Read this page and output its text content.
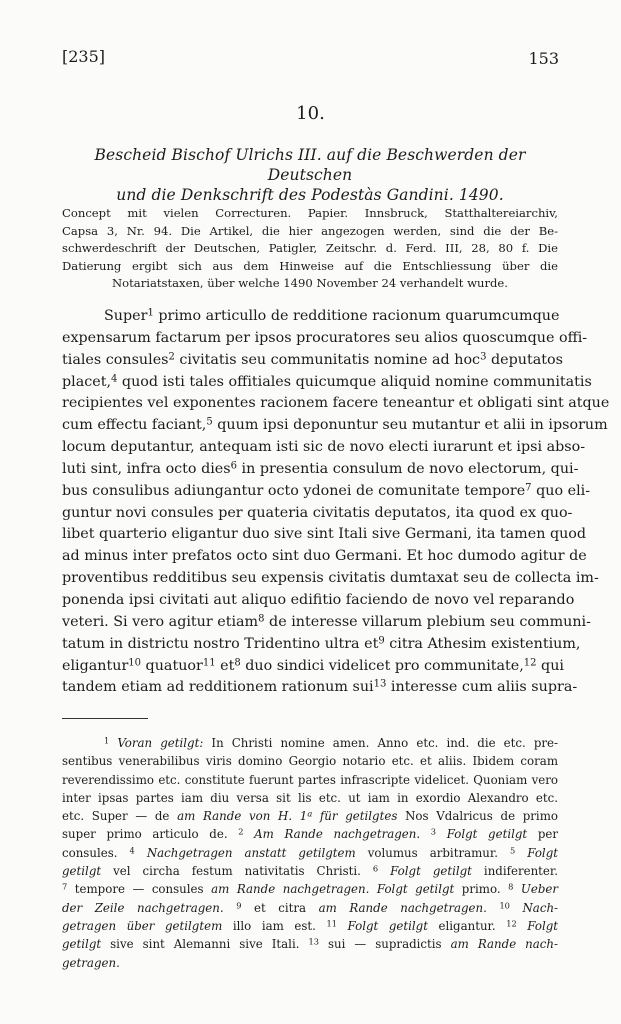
[235]	153
10.
Bescheid Bischof Ulrichs III. auf die Beschwerden der Deutschen
und die Denkschrift des Podestàs Gandini. 1490.
Concept mit vielen Correcturen. Papier. Innsbruck, Statthaltereiarchiv,
Capsa 3, Nr. 94. Die Artikel, die hier angezogen werden, sind die der Be-
schwerdeschrift der Deutschen, Patigler, Zeitschr. d. Ferd. III, 28, 80 f. Die
Datierung ergibt sich aus dem Hinweise auf die Entschliessung über die
Notariatstaxen, über welche 1490 November 24 verhandelt wurde.
Super$^1$ primo articullo de redditione racionum quarumcumque
expensarum factarum per ipsos procuratores seu alios quoscumque offi-
tiales consules$^2$ civitatis seu communitatis nomine ad hoc$^3$ deputatos
placet,$^4$ quod isti tales offitiales quicumque aliquid nomine communitatis
recipientes vel exponentes racionem facere teneantur et obligati sint atque
cum effectu faciant,$^5$ quum ipsi deponuntur seu mutantur et alii in ipsorum
locum deputantur, antequam isti sic de novo electi iurarunt et ipsi abso-
luti sint, infra octo dies$^6$ in presentia consulum de novo electorum, qui-
bus consulibus adiungantur octo ydonei de comunitate tempore$^7$ quo eli-
guntur novi consules per quateria civitatis deputatos, ita quod ex quo-
libet quarterio eligantur duo sive sint Itali sive Germani, ita tamen quod
ad minus inter prefatos octo sint duo Germani. Et hoc dumodo agitur de
proventibus redditibus seu expensis civitatis dumtaxat seu de collecta im-
ponenda ipsi civitati aut aliquo edifitio faciendo de novo vel reparando
veteri. Si vero agitur etiam$^8$ de interesse villarum plebium seu communi-
tatum in districtu nostro Tridentino ultra $et^9$ citra Athesim existentium,
eligantur$^{10}$ quatuor$^{11}$ $et^8$ duo sindici videlicet pro communitate,$^{12}$ qui
tandem etiam ad redditionem rationum sui$^{13}$ interesse cum aliis supra-
$^1$ Voran getilgt: In Christi nomine amen. Anno etc. ind. die etc. pre-
sentibus venerabilibus viris domino Georgio notario etc. et aliis. Ibidem coram
reverendissimo etc. constitute fuerunt partes infrascripte videlicet. Quoniam vero
inter ipsas partes iam diu versa sit lis etc. ut iam in exordio Alexandro etc.
etc. Super — de am Rande von H. 1$^a$ für getilgtes Nos Vdalricus de primo
super primo articulo de. $^2$ Am Rande nachgetragen. $^3$ Folgt getilgt per
consules. $^4$ Nachgetragen anstatt getilgtem volumus arbitramur. $^5$ Folgt
getilgt vel circha festum nativitatis Christi. $^6$ Folgt getilgt indiferenter.
$^7$ tempore — consules am Rande nachgetragen. Folgt getilgt primo. $^8$ Ueber
der Zeile nachgetragen. $^9$ et citra am Rande nachgetragen. $^{10}$ Nach-
getragen über getilgtem illo iam est. $^{11}$ Folgt getilgt eligantur. $^{12}$ Folgt
getilgt sive sint Alemanni sive Itali. $^{13}$ sui — supradictis am Rande nach-
getragen.
